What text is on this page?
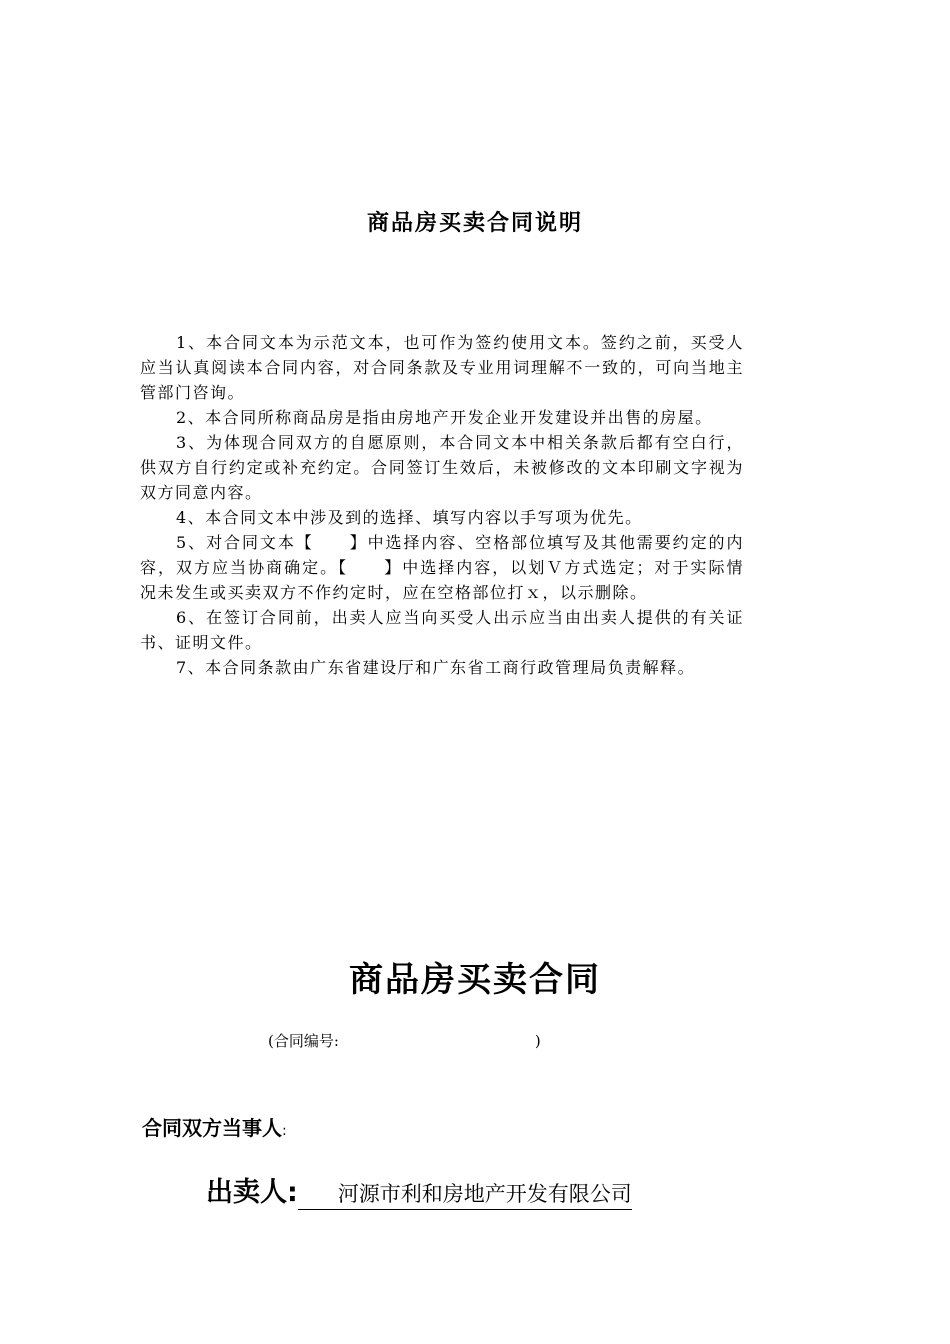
商品房买卖合同说明

1、本合同文本为示范文本，也可作为签约使用文本。签约之前，买受人应当认真阅读本合同内容，对合同条款及专业用词理解不一致的，可向当地主管部门咨询。

2、本合同所称商品房是指由房地产开发企业开发建设并出售的房屋。

3、为体现合同双方的自愿原则，本合同文本中相关条款后都有空白行，供双方自行约定或补充约定。合同签订生效后，未被修改的文本印刷文字视为双方同意内容。

4、本合同文本中涉及到的选择、填写内容以手写项为优先。

5、对合同文本【　　】中选择内容、空格部位填写及其他需要约定的内容，双方应当协商确定。【　　】中选择内容，以划Ｖ方式选定；对于实际情况未发生或买卖双方不作约定时，应在空格部位打ｘ，以示删除。

6、在签订合同前，出卖人应当向买受人出示应当由出卖人提供的有关证书、证明文件。

7、本合同条款由广东省建设厅和广东省工商行政管理局负责解释。

商品房买卖合同
(合同编号:	)
合同双方当事人:
出卖人:	河源市利和房地产开发有限公司
